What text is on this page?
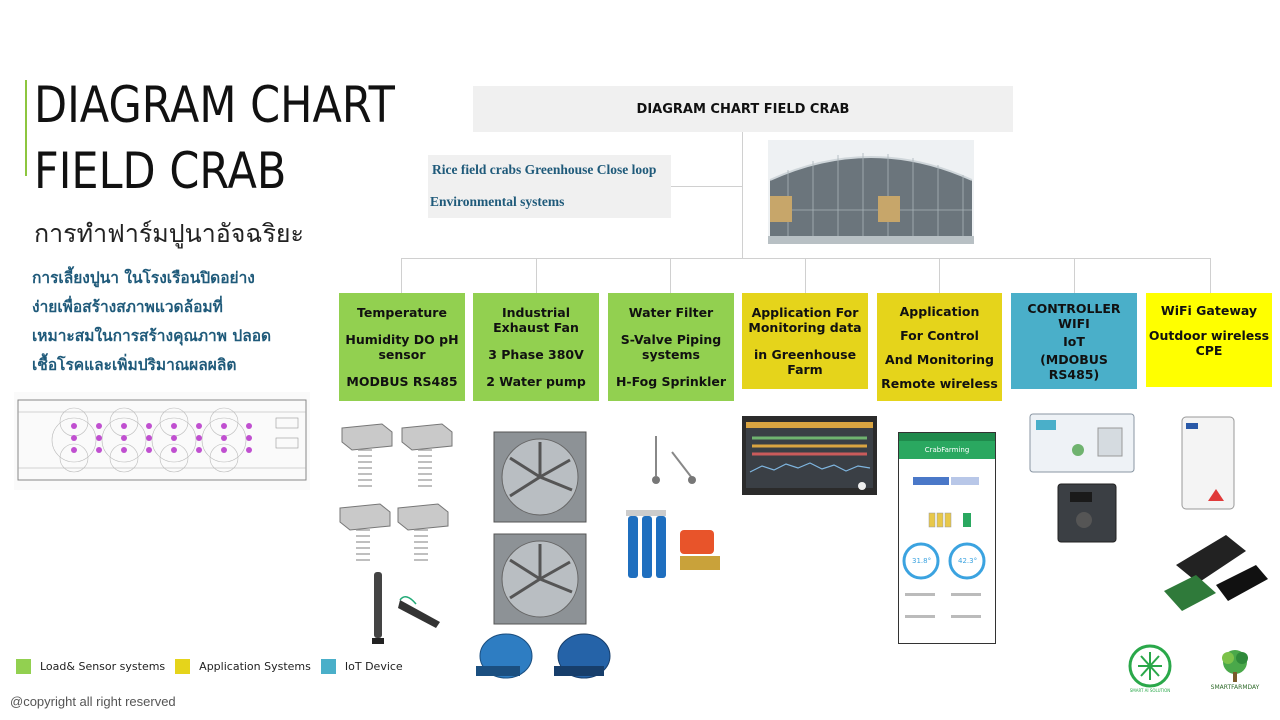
DIAGRAM CHART
FIELD CRAB
การทำฟาร์มปูนาอัจฉริยะ
การเลี้ยงปูนา ในโรงเรือนปิดอย่าง
ง่ายเพื่อสร้างสภาพแวดล้อมที่
เหมาะสมในการสร้างคุณภาพ ปลอด
เชื้อโรคและเพิ่มปริมาณผลผลิต
DIAGRAM CHART FIELD CRAB
Rice field crabs Greenhouse Close loop
Environmental systems
Temperature
Humidity DO pH sensor
MODBUS RS485
Industrial Exhaust Fan
3 Phase 380V
2 Water pump
Water Filter
S-Valve Piping systems
H-Fog Sprinkler
Application For Monitoring data
in Greenhouse Farm
Application
For Control
And Monitoring
Remote wireless
CONTROLLER WIFI
IoT
(MDOBUS RS485)
WiFi Gateway
Outdoor wireless CPE
CrabFarming
31.8°	42.3°
SMART AI SOLUTION	SMARTFARMDAY
Load& Sensor systems	Application Systems	IoT Device
@copyright all right reserved
